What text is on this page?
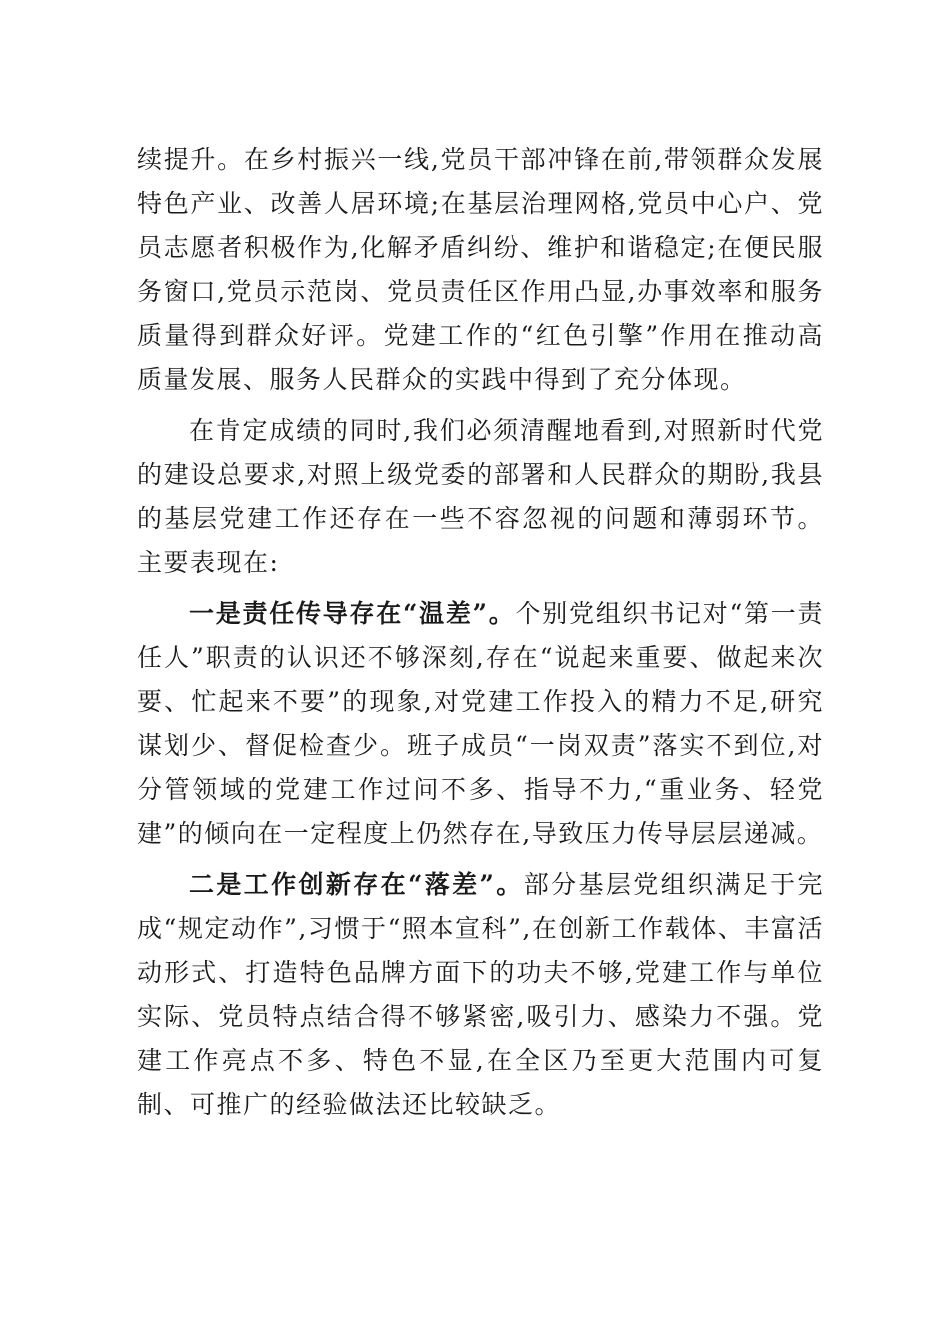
续提升。在乡村振兴一线,党员干部冲锋在前,带领群众发展特色产业、改善人居环境;在基层治理网格,党员中心户、党员志愿者积极作为,化解矛盾纠纷、维护和谐稳定;在便民服务窗口,党员示范岗、党员责任区作用凸显,办事效率和服务质量得到群众好评。党建工作的“红色引擎”作用在推动高质量发展、服务人民群众的实践中得到了充分体现。

在肯定成绩的同时,我们必须清醒地看到,对照新时代党的建设总要求,对照上级党委的部署和人民群众的期盼,我县的基层党建工作还存在一些不容忽视的问题和薄弱环节。主要表现在:

一是责任传导存在“温差”。个别党组织书记对“第一责任人”职责的认识还不够深刻,存在“说起来重要、做起来次要、忙起来不要”的现象,对党建工作投入的精力不足,研究谋划少、督促检查少。班子成员“一岗双责”落实不到位,对分管领域的党建工作过问不多、指导不力,“重业务、轻党建”的倾向在一定程度上仍然存在,导致压力传导层层递减。

二是工作创新存在“落差”。部分基层党组织满足于完成“规定动作”,习惯于“照本宣科”,在创新工作载体、丰富活动形式、打造特色品牌方面下的功夫不够,党建工作与单位实际、党员特点结合得不够紧密,吸引力、感染力不强。党建工作亮点不多、特色不显,在全区乃至更大范围内可复制、可推广的经验做法还比较缺乏。
